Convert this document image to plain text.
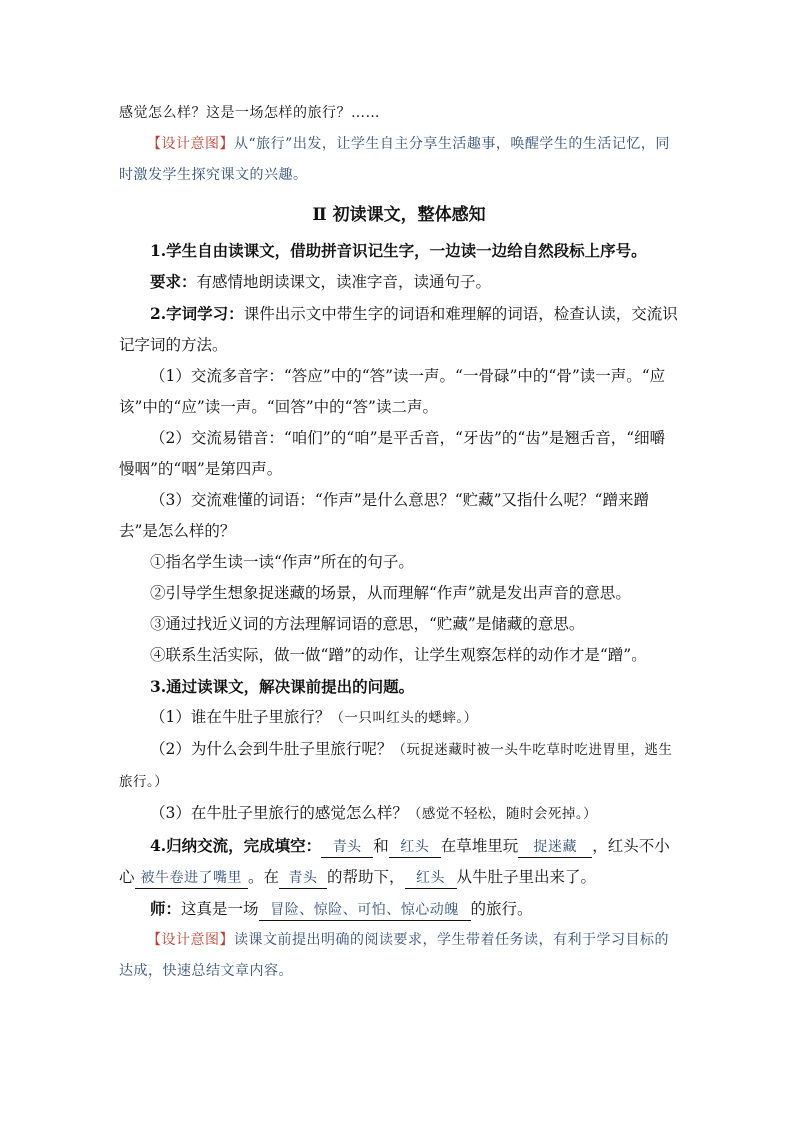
感觉怎么样？这是一场怎样的旅行？……

【设计意图】从“旅行”出发，让学生自主分享生活趣事，唤醒学生的生活记忆，同时激发学生探究课文的兴趣。

Ⅱ 初读课文，整体感知

1.学生自由读课文，借助拼音识记生字，一边读一边给自然段标上序号。

要求：有感情地朗读课文，读准字音，读通句子。

2.字词学习：课件出示文中带生字的词语和难理解的词语，检查认读，交流识记字词的方法。

（1）交流多音字：“答应”中的“答”读一声。“一骨碌”中的“骨”读一声。“应该”中的“应”读一声。“回答”中的“答”读二声。

（2）交流易错音：“咱们”的“咱”是平舌音，“牙齿”的“齿”是翘舌音，“细嚼慢咽”的“咽”是第四声。

（3）交流难懂的词语：“作声”是什么意思？“贮藏”又指什么呢？“蹭来蹭去”是怎么样的？

①指名学生读一读“作声”所在的句子。

②引导学生想象捉迷藏的场景，从而理解“作声”就是发出声音的意思。

③通过找近义词的方法理解词语的意思，“贮藏”是储藏的意思。

④联系生活实际，做一做“蹭”的动作，让学生观察怎样的动作才是“蹭”。

3.通过读课文，解决课前提出的问题。

（1）谁在牛肚子里旅行？（一只叫红头的蟋蟀。）

（2）为什么会到牛肚子里旅行呢？（玩捉迷藏时被一头牛吃草时吃进胃里，逃生旅行。）

（3）在牛肚子里旅行的感觉怎么样？（感觉不轻松，随时会死掉。）

4.归纳交流，完成填空： 青头 和 红头 在草堆里玩 捉迷藏 ，红头不小心 被牛卷进了嘴里 。在 青头 的帮助下， 红头 从牛肚子里出来了。

师：这真是一场 冒险、惊险、可怕、惊心动魄 的旅行。

【设计意图】读课文前提出明确的阅读要求，学生带着任务读，有利于学习目标的达成，快速总结文章内容。
